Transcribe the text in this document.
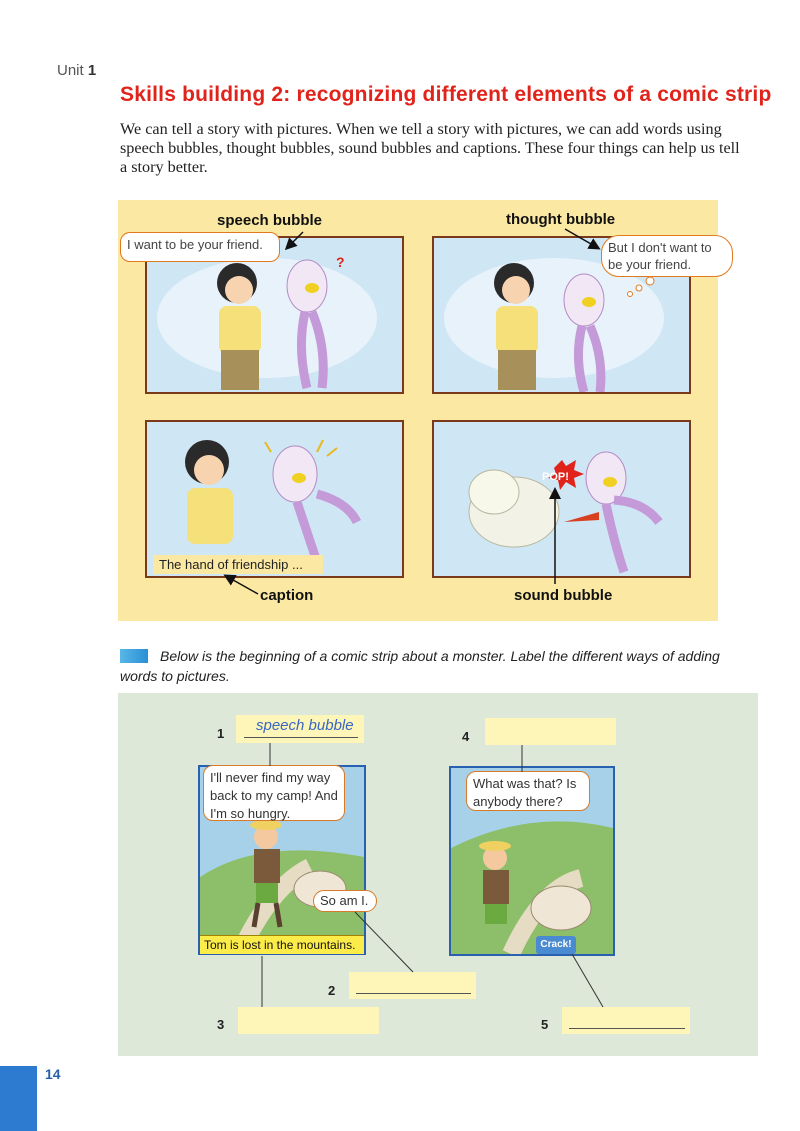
Unit 1
Skills building 2: recognizing different elements of a comic strip
We can tell a story with pictures. When we tell a story with pictures, we can add words using speech bubbles, thought bubbles, sound bubbles and captions. These four things can help us tell a story better.
speech bubble	thought bubble
caption	sound bubble
I want to be your friend.
?
But I don't want to be your friend.
The hand of friendship ...
POP!
Below is the beginning of a comic strip about a monster. Label the different ways of adding words to pictures.
1 speech bubble
4
I'll never find my way back to my camp! And I'm so hungry.
So am I.
Tom is lost in the mountains.
What was that? Is anybody there?
Crack!
2
3	5
14
